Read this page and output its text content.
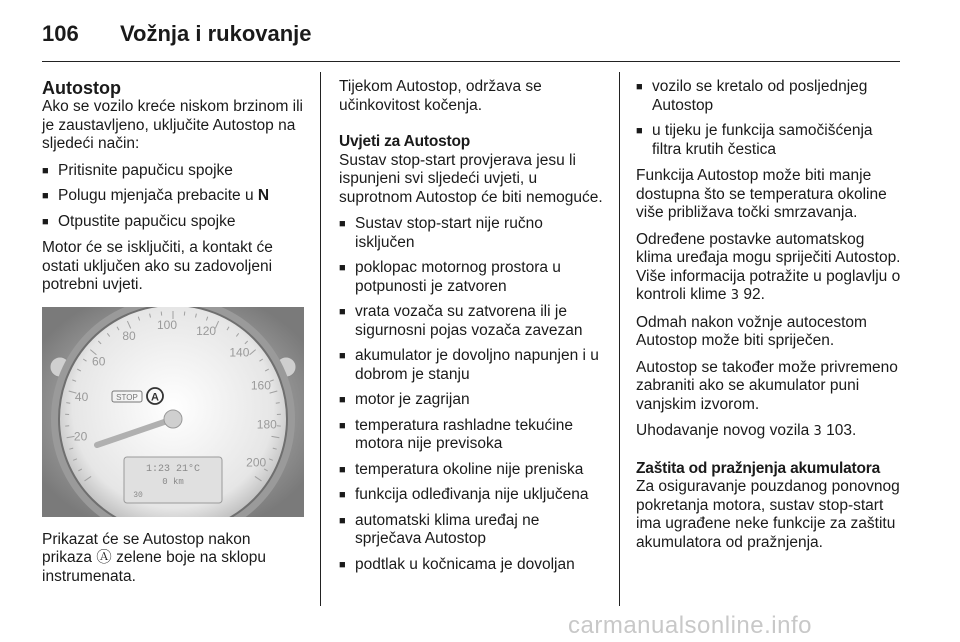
106	Vožnja i rukovanje
Autostop

Ako se vozilo kreće niskom brzinom ili je zaustavljeno, uključite Autostop na sljedeći način:

■ Pritisnite papučicu spojke
■ Polugu mjenjača prebacite u N
■ Otpustite papučicu spojke

Motor će se isključiti, a kontakt će ostati uključen ako su zadovoljeni potrebni uvjeti.

20
40
60
80
100 120
140
160
180
200
STOP A
1:23 21°C
0 km
30

Prikazat će se Autostop nakon prikaza Ⓐ zelene boje na sklopu instrumenata.

Tijekom Autostop, održava se učinkovitost kočenja.

Uvjeti za Autostop

Sustav stop-start provjerava jesu li ispunjeni svi sljedeći uvjeti, u suprotnom Autostop će biti nemoguće.

■ Sustav stop-start nije ručno isključen
■ poklopac motornog prostora u potpunosti je zatvoren
■ vrata vozača su zatvorena ili je sigurnosni pojas vozača zavezan
■ akumulator je dovoljno napunjen i u dobrom je stanju
■ motor je zagrijan
■ temperatura rashladne tekućine motora nije previsoka
■ temperatura okoline nije preniska
■ funkcija odleđivanja nije uključena
■ automatski klima uređaj ne sprječava Autostop
■ podtlak u kočnicama je dovoljan
■ vozilo se kretalo od posljednjeg Autostop
■ u tijeku je funkcija samočišćenja filtra krutih čestica

Funkcija Autostop može biti manje dostupna što se temperatura okoline više približava točki smrzavanja.

Određene postavke automatskog klima uređaja mogu spriječiti Autostop. Više informacija potražite u poglavlju o kontroli klime 3 92.

Odmah nakon vožnje autocestom Autostop može biti spriječen.

Autostop se također može privremeno zabraniti ako se akumulator puni vanjskim izvorom.

Uhodavanje novog vozila 3 103.

Zaštita od pražnjenja akumulatora

Za osiguravanje pouzdanog ponovnog pokretanja motora, sustav stop-start ima ugrađene neke funkcije za zaštitu akumulatora od pražnjenja.

carmanualsonline.info
